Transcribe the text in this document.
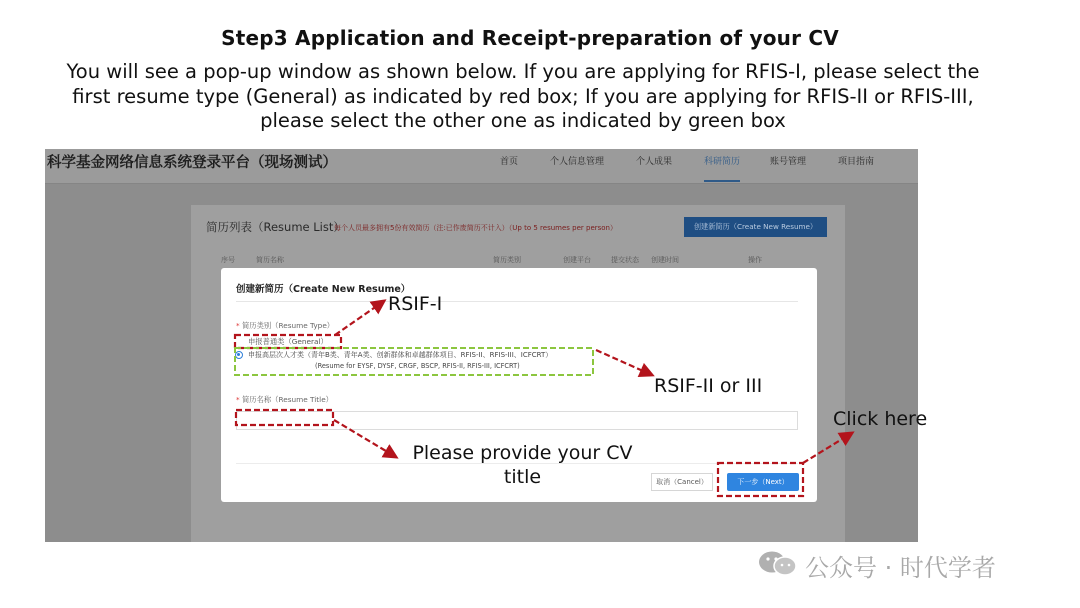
Step3 Application and Receipt-preparation of your CV
You will see a pop-up window as shown below. If you are applying for RFIS-I, please select the
first resume type (General) as indicated by red box; If you are applying for RFIS-II or RFIS-III,
please select the other one as indicated by green box
科学基金网络信息系统登录平台（现场测试）	首页	个人信息管理	个人成果	科研简历	账号管理	项目指南
简历列表（Resume List）
每个人员最多拥有5份有效简历（注:已作废简历不计入）（Up to 5 resumes per person）	创建新简历（Create New Resume）
序号	简历名称	简历类别	创建平台	提交状态 创建时间	操作
创建新简历（Create New Resume）
* 简历类别（Resume Type）
申报普通类（General）
申报高层次人才类（青年B类、青年A类、创新群体和卓越群体项目、RFIS-II、RFIS-III、ICFCRT）
(Resume for EYSF, DYSF, CRGF, BSCP, RFIS-II, RFIS-III, ICFCRT)
* 简历名称（Resume Title）
取消（Cancel）	下一步（Next）
RSIF-I
RSIF-II or III
Click here
Please provide your CV title
公众号 · 时代学者
